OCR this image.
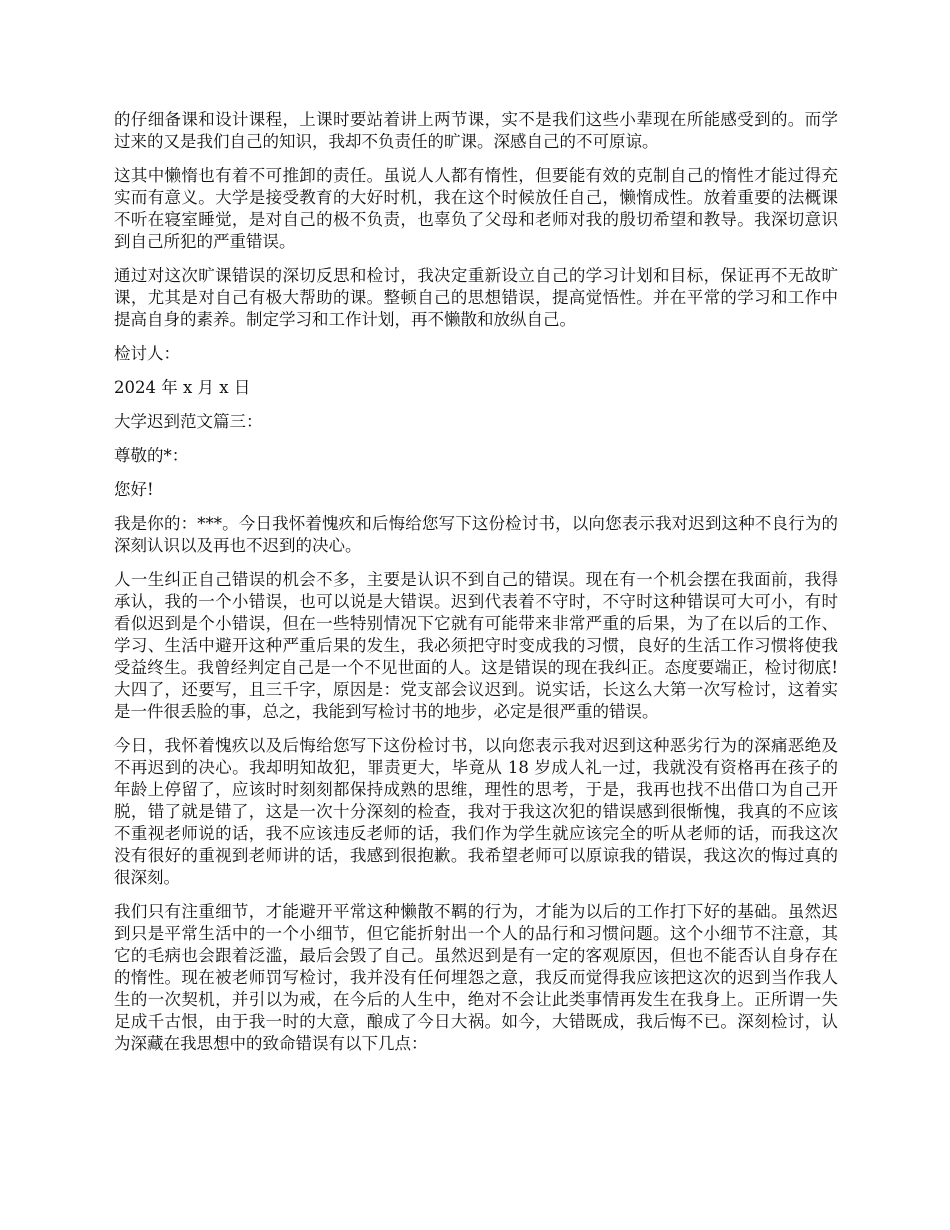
的仔细备课和设计课程，上课时要站着讲上两节课，实不是我们这些小辈现在所能感受到的。而学过来的又是我们自己的知识，我却不负责任的旷课。深感自己的不可原谅。

这其中懒惰也有着不可推卸的责任。虽说人人都有惰性，但要能有效的克制自己的惰性才能过得充实而有意义。大学是接受教育的大好时机，我在这个时候放任自己，懒惰成性。放着重要的法概课不听在寝室睡觉，是对自己的极不负责，也辜负了父母和老师对我的殷切希望和教导。我深切意识到自己所犯的严重错误。

通过对这次旷课错误的深切反思和检讨，我决定重新设立自己的学习计划和目标，保证再不无故旷课，尤其是对自己有极大帮助的课。整顿自己的思想错误，提高觉悟性。并在平常的学习和工作中提高自身的素养。制定学习和工作计划，再不懒散和放纵自己。

检讨人：

2024 年 x 月 x 日

大学迟到范文篇三：

尊敬的*：

您好!

我是你的：***。今日我怀着愧疚和后悔给您写下这份检讨书，以向您表示我对迟到这种不良行为的深刻认识以及再也不迟到的决心。

人一生纠正自己错误的机会不多，主要是认识不到自己的错误。现在有一个机会摆在我面前，我得承认，我的一个小错误，也可以说是大错误。迟到代表着不守时，不守时这种错误可大可小，有时看似迟到是个小错误，但在一些特别情况下它就有可能带来非常严重的后果，为了在以后的工作、学习、生活中避开这种严重后果的发生，我必须把守时变成我的习惯，良好的生活工作习惯将使我受益终生。我曾经判定自己是一个不见世面的人。这是错误的现在我纠正。态度要端正，检讨彻底!大四了，还要写，且三千字，原因是：党支部会议迟到。说实话，长这么大第一次写检讨，这着实是一件很丢脸的事，总之，我能到写检讨书的地步，必定是很严重的错误。

今日，我怀着愧疚以及后悔给您写下这份检讨书，以向您表示我对迟到这种恶劣行为的深痛恶绝及不再迟到的决心。我却明知故犯，罪责更大，毕竟从 18 岁成人礼一过，我就没有资格再在孩子的年龄上停留了，应该时时刻刻都保持成熟的思维，理性的思考，于是，我再也找不出借口为自己开脱，错了就是错了，这是一次十分深刻的检查，我对于我这次犯的错误感到很惭愧，我真的不应该不重视老师说的话，我不应该违反老师的话，我们作为学生就应该完全的听从老师的话，而我这次没有很好的重视到老师讲的话，我感到很抱歉。我希望老师可以原谅我的错误，我这次的悔过真的很深刻。

我们只有注重细节，才能避开平常这种懒散不羁的行为，才能为以后的工作打下好的基础。虽然迟到只是平常生活中的一个小细节，但它能折射出一个人的品行和习惯问题。这个小细节不注意，其它的毛病也会跟着泛滥，最后会毁了自己。虽然迟到是有一定的客观原因，但也不能否认自身存在的惰性。现在被老师罚写检讨，我并没有任何埋怨之意，我反而觉得我应该把这次的迟到当作我人生的一次契机，并引以为戒，在今后的人生中，绝对不会让此类事情再发生在我身上。正所谓一失足成千古恨，由于我一时的大意，酿成了今日大祸。如今，大错既成，我后悔不已。深刻检讨，认为深藏在我思想中的致命错误有以下几点：
